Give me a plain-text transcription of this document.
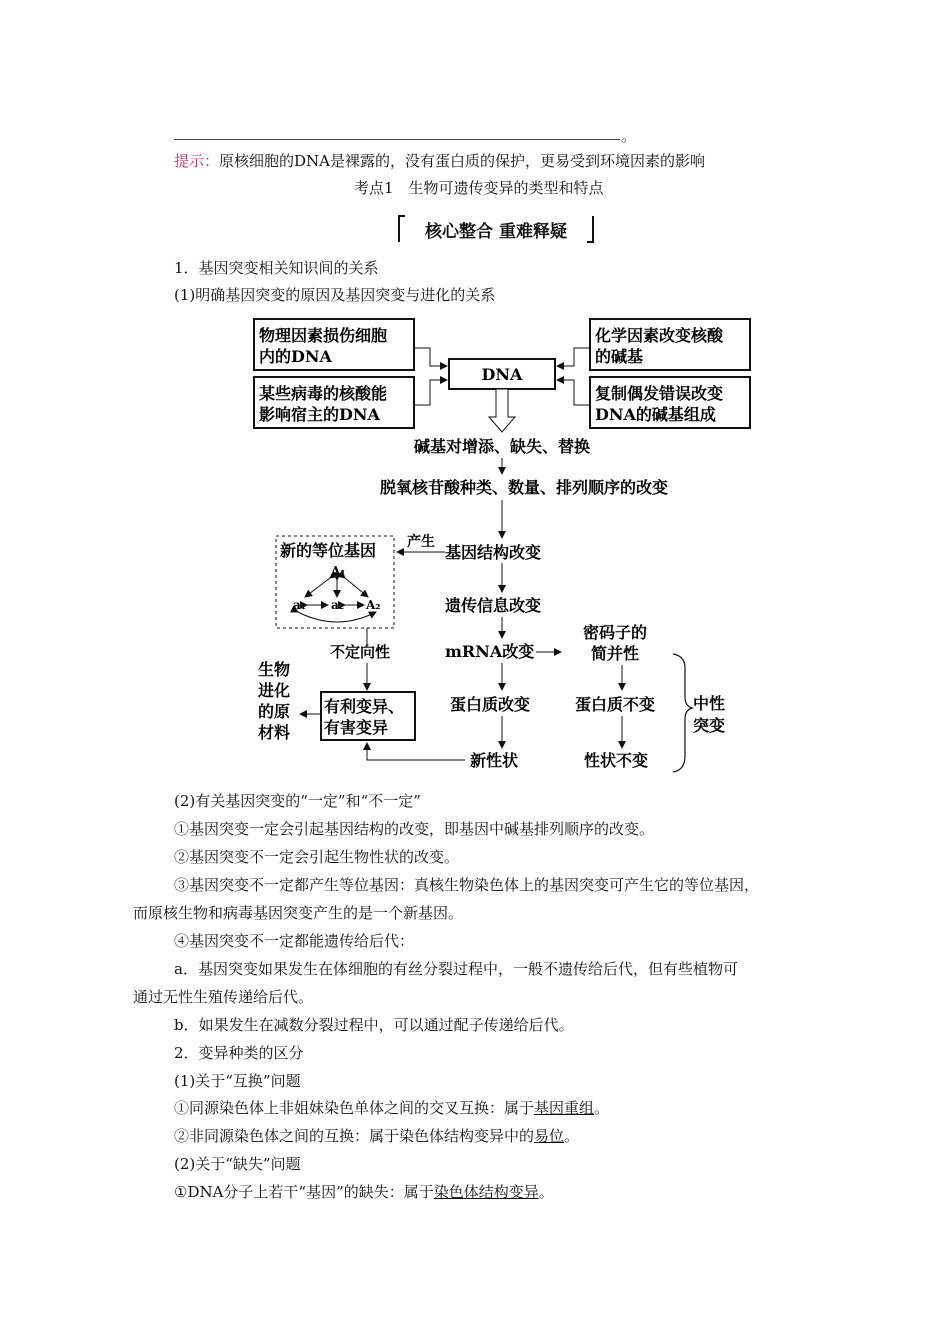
。
提示：原核细胞的DNA是裸露的，没有蛋白质的保护，更易受到环境因素的影响
考点1　生物可遗传变异的类型和特点
核心整合 重难释疑
1．基因突变相关知识间的关系
(1)明确基因突变的原因及基因突变与进化的关系
物理因素损伤细胞
内的DNA
某些病毒的核酸能
影响宿主的DNA
化学因素改变核酸
的碱基
复制偶发错误改变
DNA的碱基组成
DNA
碱基对增添、缺失、替换
脱氧核苷酸种类、数量、排列顺序的改变
基因结构改变
产生
新的等位基因
A₁
a₁ a₂ A₂	遗传信息改变
mRNA改变
蛋白质改变
新性状
不定向性
有利变异、
有害变异
生物
进化
的原
材料
密码子的
简并性
蛋白质不变
性状不变
中性
突变
(2)有关基因突变的“一定”和“不一定”
①基因突变一定会引起基因结构的改变，即基因中碱基排列顺序的改变。
②基因突变不一定会引起生物性状的改变。
③基因突变不一定都产生等位基因：真核生物染色体上的基因突变可产生它的等位基因，
而原核生物和病毒基因突变产生的是一个新基因。
④基因突变不一定都能遗传给后代：
a．基因突变如果发生在体细胞的有丝分裂过程中，一般不遗传给后代，但有些植物可
通过无性生殖传递给后代。
b．如果发生在减数分裂过程中，可以通过配子传递给后代。
2．变异种类的区分
(1)关于“互换”问题
①同源染色体上非姐妹染色单体之间的交叉互换：属于基因重组。
②非同源染色体之间的互换：属于染色体结构变异中的易位。
(2)关于“缺失”问题
①DNA分子上若干“基因”的缺失：属于染色体结构变异。
